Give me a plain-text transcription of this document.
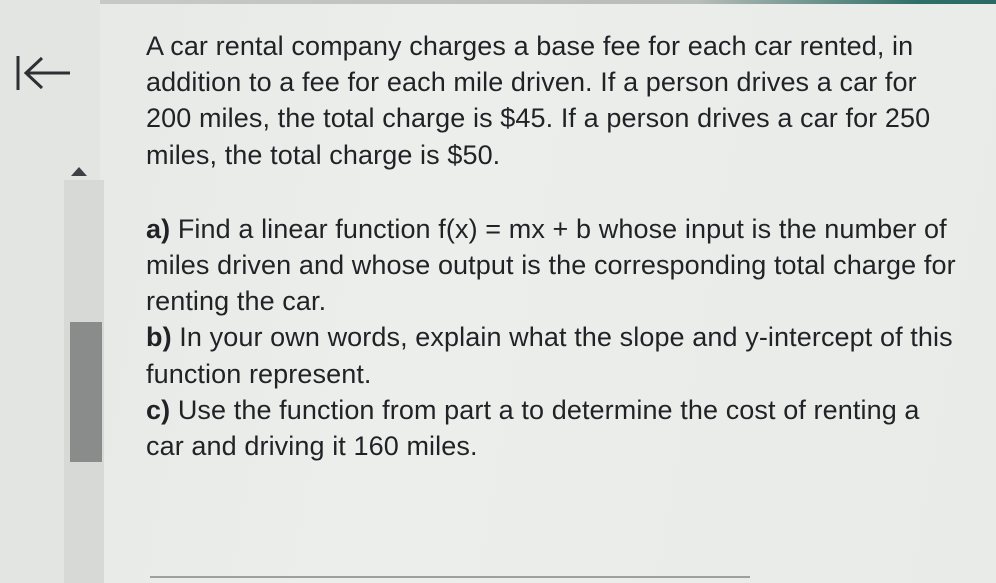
A car rental company charges a base fee for each car rented, in addition to a fee for each mile driven. If a person drives a car for 200 miles, the total charge is $45. If a person drives a car for 250 miles, the total charge is $50.

a) Find a linear function f(x) = mx + b whose input is the number of miles driven and whose output is the corresponding total charge for renting the car.

b) In your own words, explain what the slope and y-intercept of this function represent.

c) Use the function from part a to determine the cost of renting a car and driving it 160 miles.
